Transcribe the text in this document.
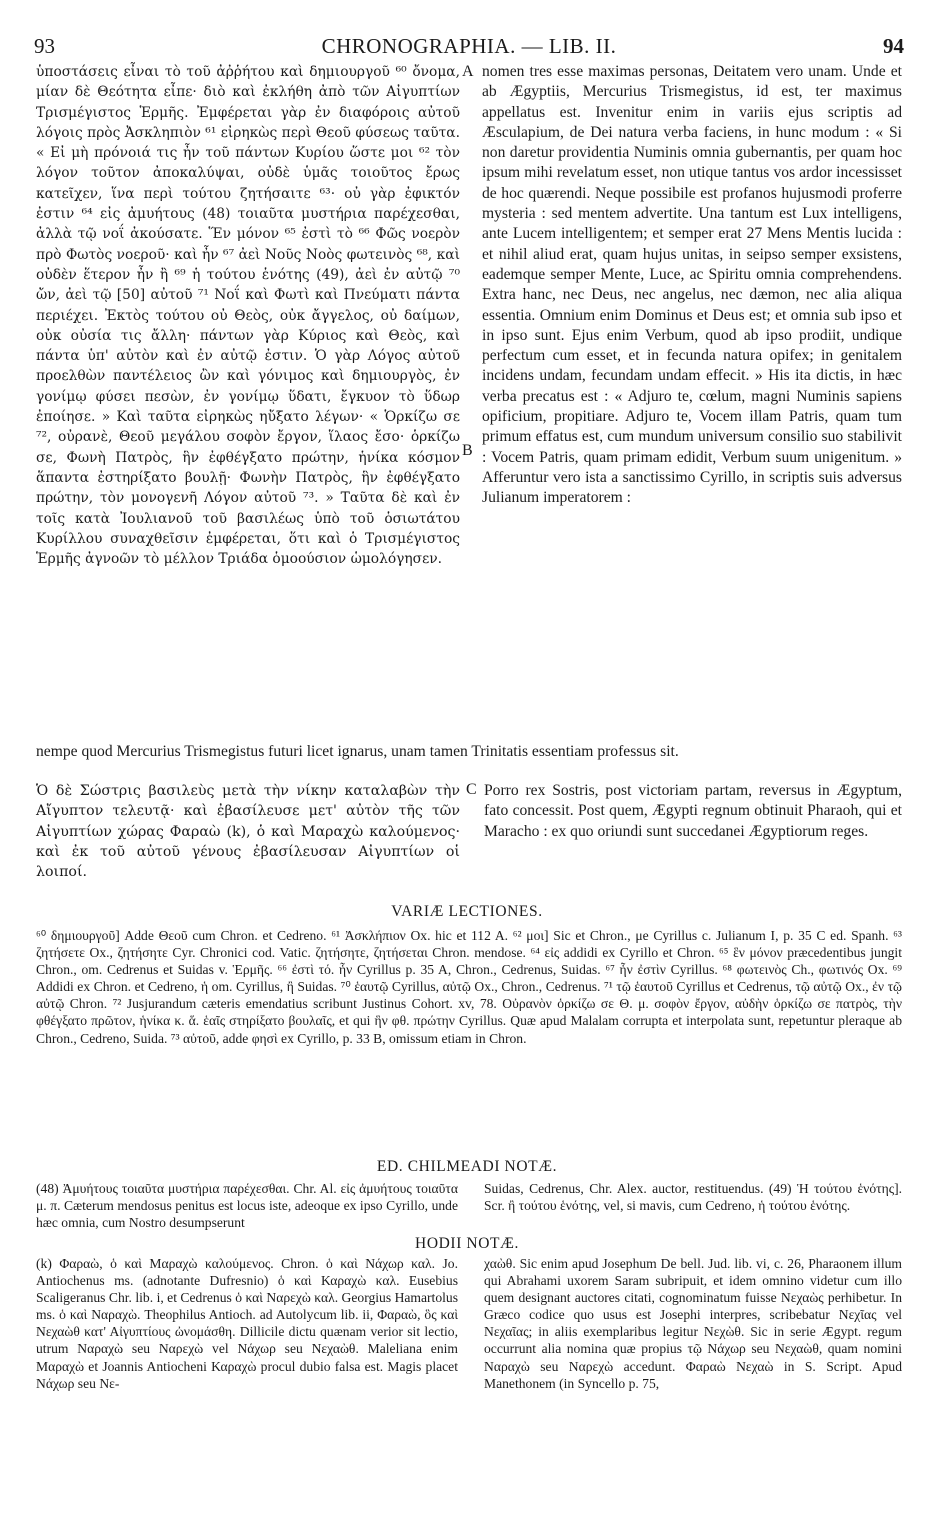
93	CHRONOGRAPHIA. — LIB. II.	94
A
B
C

ὑποστάσεις εἶναι τὸ τοῦ ἀῤῥήτου καὶ δημιουργοῦ ⁶⁰ ὄνομα, μίαν δὲ Θεότητα εἶπε· διὸ καὶ ἐκλήθη ἀπὸ τῶν Αἰγυπτίων Τρισμέγιστος Ἑρμῆς. Ἐμφέρεται γὰρ ἐν διαφόροις αὐτοῦ λόγοις πρὸς Ἀσκληπιὸν ⁶¹ εἰρηκὼς περὶ Θεοῦ φύσεως ταῦτα. « Εἰ μὴ πρόνοιά τις ἦν τοῦ πάντων Κυρίου ὥστε μοι ⁶² τὸν λόγον τοῦτον ἀποκαλύψαι, οὐδὲ ὑμᾶς τοιοῦτος ἔρως κατεῖχεν, ἵνα περὶ τούτου ζητήσαιτε ⁶³· οὐ γὰρ ἐφικτόν ἐστιν ⁶⁴ εἰς ἀμυήτους (48) τοιαῦτα μυστήρια παρέχεσθαι, ἀλλὰ τῷ νοΐ ἀκούσατε. Ἕν μόνον ⁶⁵ ἐστὶ τὸ ⁶⁶ Φῶς νοερὸν πρὸ Φωτὸς νοεροῦ· καὶ ἦν ⁶⁷ ἀεὶ Νοῦς Νοὸς φωτεινὸς ⁶⁸, καὶ οὐδὲν ἕτερον ἦν ἢ ⁶⁹ ἡ τούτου ἑνότης (49), ἀεὶ ἐν αὐτῷ ⁷⁰ ὤν, ἀεὶ τῷ [50] αὐτοῦ ⁷¹ Νοΐ καὶ Φωτὶ καὶ Πνεύματι πάντα περιέχει. Ἐκτὸς τούτου οὐ Θεὸς, οὐκ ἄγγελος, οὐ δαίμων, οὐκ οὐσία τις ἄλλη· πάντων γὰρ Κύριος καὶ Θεὸς, καὶ πάντα ὑπ' αὐτὸν καὶ ἐν αὐτῷ ἐστιν. Ὁ γὰρ Λόγος αὐτοῦ προελθὼν παντέλειος ὢν καὶ γόνιμος καὶ δημιουργὸς, ἐν γονίμῳ φύσει πεσὼν, ἐν γονίμῳ ὕδατι, ἔγκυον τὸ ὕδωρ ἐποίησε. » Καὶ ταῦτα εἰρηκὼς ηὔξατο λέγων· « Ὁρκίζω σε ⁷², οὐρανὲ, Θεοῦ μεγάλου σοφὸν ἔργον, ἵλαος ἔσο· ὁρκίζω σε, Φωνὴ Πατρὸς, ἣν ἐφθέγξατο πρώτην, ἡνίκα κόσμον ἅπαντα ἐστηρίξατο βουλῇ· Φωνὴν Πατρὸς, ἣν ἐφθέγξατο πρώτην, τὸν μονογενῆ Λόγον αὐτοῦ ⁷³. » Ταῦτα δὲ καὶ ἐν τοῖς κατὰ Ἰουλιανοῦ τοῦ βασιλέως ὑπὸ τοῦ ὁσιωτάτου Κυρίλλου συναχθεῖσιν ἐμφέρεται, ὅτι καὶ ὁ Τρισμέγιστος Ἑρμῆς ἀγνοῶν τὸ μέλλον Τριάδα ὁμοούσιον ὡμολόγησεν.

nomen tres esse maximas personas, Deitatem vero unam. Unde et ab Ægyptiis, Mercurius Trismegistus, id est, ter maximus appellatus est. Invenitur enim in variis ejus scriptis ad Æsculapium, de Dei natura verba faciens, in hunc modum : « Si non daretur providentia Numinis omnia gubernantis, per quam hoc ipsum mihi revelatum esset, non utique tantus vos ardor incessisset de hoc quærendi. Neque possibile est profanos hujusmodi proferre mysteria : sed mentem advertite. Una tantum est Lux intelligens, ante Lucem intelligentem; et semper erat 27 Mens Mentis lucida : et nihil aliud erat, quam hujus unitas, in seipso semper exsistens, eademque semper Mente, Luce, ac Spiritu omnia comprehendens. Extra hanc, nec Deus, nec angelus, nec dæmon, nec alia aliqua essentia. Omnium enim Dominus et Deus est; et omnia sub ipso et in ipso sunt. Ejus enim Verbum, quod ab ipso prodiit, undique perfectum cum esset, et in fecunda natura opifex; in genitalem incidens undam, fecundam undam effecit. » His ita dictis, in hæc verba precatus est : « Adjuro te, cœlum, magni Numinis sapiens opificium, propitiare. Adjuro te, Vocem illam Patris, quam tum primum effatus est, cum mundum universum consilio suo stabilivit : Vocem Patris, quam primam edidit, Verbum suum unigenitum. » Afferuntur vero ista a sanctissimo Cyrillo, in scriptis suis adversus Julianum imperatorem :

nempe quod Mercurius Trismegistus futuri licet ignarus, unam tamen Trinitatis essentiam professus sit.

Ὁ δὲ Σώστρις βασιλεὺς μετὰ τὴν νίκην καταλαβὼν τὴν Αἴγυπτον τελευτᾷ· καὶ ἐβασίλευσε μετ' αὐτὸν τῆς τῶν Αἰγυπτίων χώρας Φαραὼ (k), ὁ καὶ Μαραχὼ καλούμενος· καὶ ἐκ τοῦ αὐτοῦ γένους ἐβασίλευσαν Αἰγυπτίων οἱ λοιποί.

Porro rex Sostris, post victoriam partam, reversus in Ægyptum, fato concessit. Post quem, Ægypti regnum obtinuit Pharaoh, qui et Maracho : ex quo oriundi sunt succedanei Ægyptiorum reges.

VARIÆ LECTIONES.
⁶⁰ δημιουργοῦ] Adde Θεοῦ cum Chron. et Cedreno. ⁶¹ Ἀσκλήπιον Ox. hic et 112 A. ⁶² μοι] Sic et Chron., μe Cyrillus c. Julianum I, p. 35 C ed. Spanh. ⁶³ ζητήσετε Ox., ζητήσητε Cyr. Chronici cod. Vatic. ζητήσητε, ζητήσεται Chron. mendose. ⁶⁴ εἰς addidi ex Cyrillo et Chron. ⁶⁵ ἓν μόνον præcedentibus jungit Chron., om. Cedrenus et Suidas v. Ἑρμῆς. ⁶⁶ ἐστὶ τό. ἦν Cyrillus p. 35 A, Chron., Cedrenus, Suidas. ⁶⁷ ἦν ἐστὶν Cyrillus. ⁶⁸ φωτεινὸς Ch., φωτινός Ox. ⁶⁹ Addidi ex Chron. et Cedreno, ἡ om. Cyrillus, ἢ Suidas. ⁷⁰ ἑαυτῷ Cyrillus, αὐτῷ Ox., Chron., Cedrenus. ⁷¹ τῷ ἑαυτοῦ Cyrillus et Cedrenus, τῷ αὐτῷ Ox., ἐν τῷ αὐτῷ Chron. ⁷² Jusjurandum cæteris emendatius scribunt Justinus Cohort. xv, 78. Οὐρανὸν ὁρκίζω σε Θ. μ. σοφὸν ἔργον, αὐδὴν ὁρκίζω σε πατρὸς, τὴν φθέγξατο πρῶτον, ἡνίκα κ. ἅ. ἑαῖς στηρίξατο βουλαῖς, et qui ἣν φθ. πρώτην Cyrillus. Quæ apud Malalam corrupta et interpolata sunt, repetuntur pleraque ab Chron., Cedreno, Suida. ⁷³ αὐτοῦ, adde φησὶ ex Cyrillo, p. 33 B, omissum etiam in Chron.
ED. CHILMEADI NOTÆ.
(48) Ἀμυήτους τοιαῦτα μυστήρια παρέχεσθαι. Chr. Al. εἰς ἀμυήτους τοιαῦτα μ. π. Cæterum mendosus penitus est locus iste, adeoque ex ipso Cyrillo, unde hæc omnia, cum Nostro desumpserunt
Suidas, Cedrenus, Chr. Alex. auctor, restituendus. (49) Ἡ τούτου ἑνότης]. Scr. ἢ τούτου ἑνότης, vel, si mavis, cum Cedreno, ἡ τούτου ἑνότης.
HODII NOTÆ.
(k) Φαραὼ, ὁ καὶ Μαραχὼ καλούμενος. Chron. ὁ καὶ Νάχωρ καλ. Jo. Antiochenus ms. (adnotante Dufresnio) ὁ καὶ Καραχὼ καλ. Eusebius Scaligeranus Chr. lib. i, et Cedrenus ὁ καὶ Ναρεχὼ καλ. Georgius Hamartolus ms. ὁ καὶ Ναραχὼ. Theophilus Antioch. ad Autolycum lib. ii, Φαραὼ, ὃς καὶ Νεχαὼθ κατ' Αἰγυπτίους ὠνομάσθη. Dillicile dictu quænam verior sit lectio, utrum Ναραχὼ seu Ναρεχὼ vel Νάχωρ seu Νεχαὼθ. Maleliana enim Μαραχὼ et Joannis Antiocheni Καραχὼ procul dubio falsa est. Magis placet Νάχωρ seu Νε-
χαὼθ. Sic enim apud Josephum De bell. Jud. lib. vi, c. 26, Pharaonem illum qui Abrahami uxorem Saram subripuit, et idem omnino videtur cum illo quem designant auctores citati, cognominatum fuisse Νεχαὼς perhibetur. In Græco codice quo usus est Josephi interpres, scribebatur Νεχῖας vel Νεχαῖας; in aliis exemplaribus legitur Νεχὼθ. Sic in serie Ægypt. regum occurrunt alia nomina quæ propius τῷ Νάχωρ seu Νεχαὼθ, quam nomini Ναραχὼ seu Ναρεχὼ accedunt. Φαραὼ Νεχαὼ in S. Script. Apud Manethonem (in Syncello p. 75,
